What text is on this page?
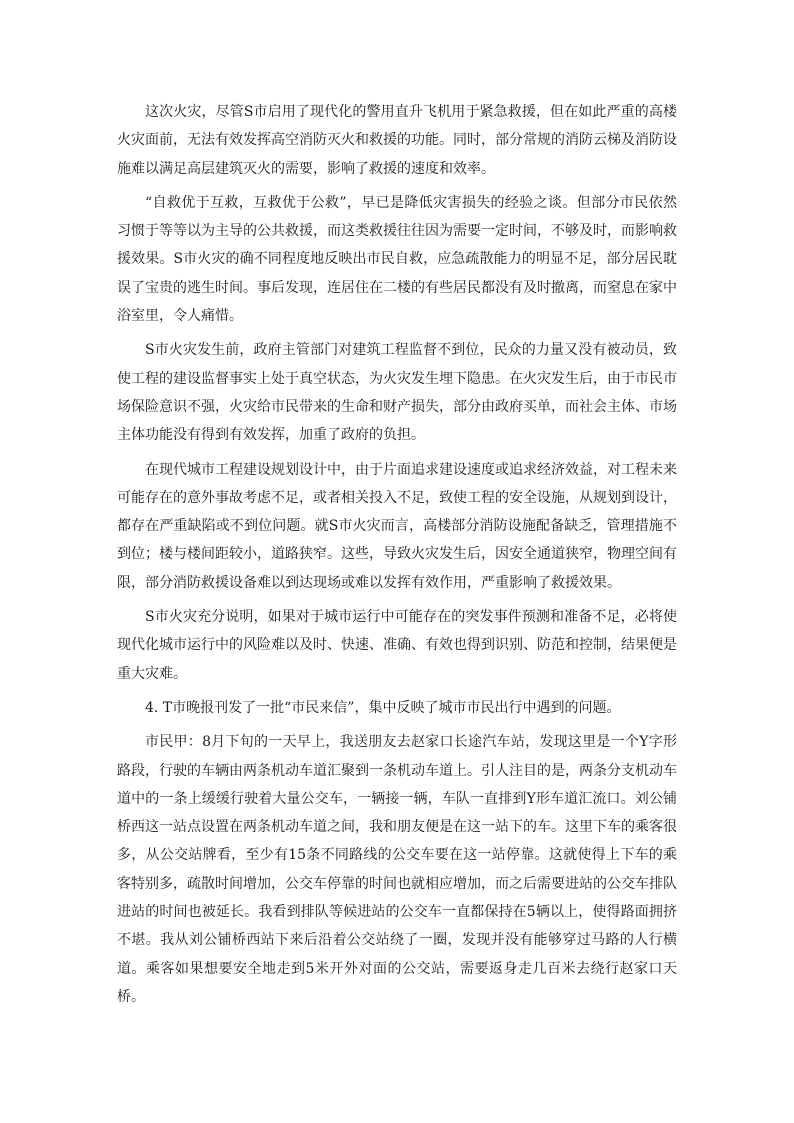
这次火灾，尽管S市启用了现代化的警用直升飞机用于紧急救援，但在如此严重的高楼火灾面前，无法有效发挥高空消防灭火和救援的功能。同时，部分常规的消防云梯及消防设施难以满足高层建筑灭火的需要，影响了救援的速度和效率。

“自救优于互救，互救优于公救”，早已是降低灾害损失的经验之谈。但部分市民依然习惯于等等以为主导的公共救援，而这类救援往往因为需要一定时间，不够及时，而影响救援效果。S市火灾的确不同程度地反映出市民自救，应急疏散能力的明显不足，部分居民耽误了宝贵的逃生时间。事后发现，连居住在二楼的有些居民都没有及时撤离，而窒息在家中浴室里，令人痛惜。

S市火灾发生前，政府主管部门对建筑工程监督不到位，民众的力量又没有被动员，致使工程的建设监督事实上处于真空状态，为火灾发生埋下隐患。在火灾发生后，由于市民市场保险意识不强，火灾给市民带来的生命和财产损失，部分由政府买单，而社会主体、市场主体功能没有得到有效发挥，加重了政府的负担。

在现代城市工程建设规划设计中，由于片面追求建设速度或追求经济效益，对工程未来可能存在的意外事故考虑不足，或者相关投入不足，致使工程的安全设施，从规划到设计，都存在严重缺陷或不到位问题。就S市火灾而言，高楼部分消防设施配备缺乏，管理措施不到位；楼与楼间距较小，道路狭窄。这些，导致火灾发生后，因安全通道狭窄，物理空间有限，部分消防救援设备难以到达现场或难以发挥有效作用，严重影响了救援效果。

S市火灾充分说明，如果对于城市运行中可能存在的突发事件预测和准备不足，必将使现代化城市运行中的风险难以及时、快速、准确、有效也得到识别、防范和控制，结果便是重大灾难。

4. T市晚报刊发了一批“市民来信”，集中反映了城市市民出行中遇到的问题。

市民甲：8月下旬的一天早上，我送朋友去赵家口长途汽车站，发现这里是一个Y字形路段，行驶的车辆由两条机动车道汇聚到一条机动车道上。引人注目的是，两条分支机动车道中的一条上缓缓行驶着大量公交车，一辆接一辆，车队一直排到Y形车道汇流口。刘公铺桥西这一站点设置在两条机动车道之间，我和朋友便是在这一站下的车。这里下车的乘客很多，从公交站牌看，至少有15条不同路线的公交车要在这一站停靠。这就使得上下车的乘客特别多，疏散时间增加，公交车停靠的时间也就相应增加，而之后需要进站的公交车排队进站的时间也被延长。我看到排队等候进站的公交车一直都保持在5辆以上，使得路面拥挤不堪。我从刘公铺桥西站下来后沿着公交站绕了一圈，发现并没有能够穿过马路的人行横道。乘客如果想要安全地走到5米开外对面的公交站，需要返身走几百米去绕行赵家口天桥。
